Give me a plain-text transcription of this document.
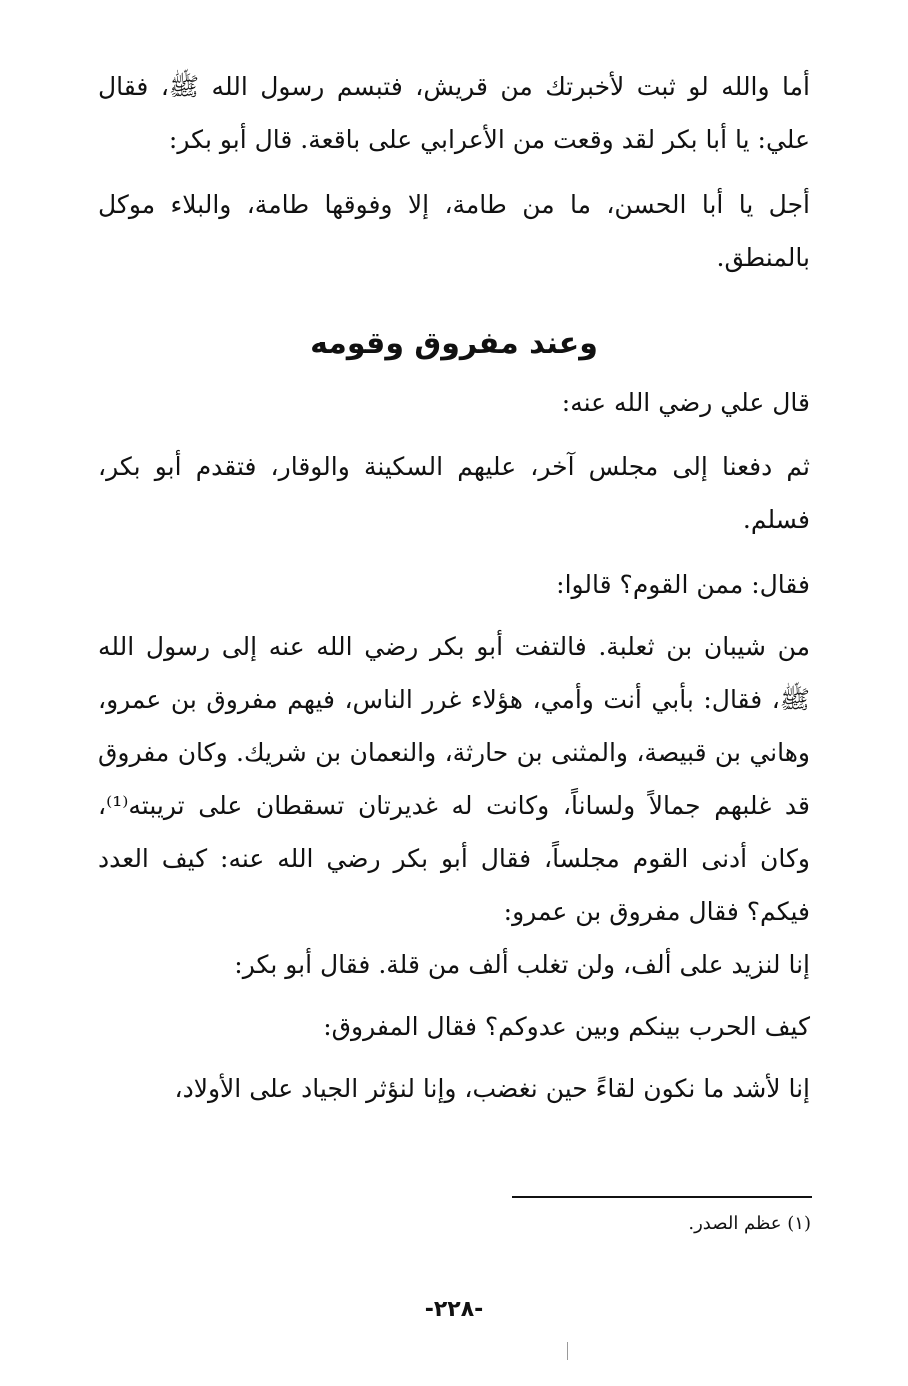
أما والله لو ثبت لأخبرتك من قريش، فتبسم رسول الله ﷺ، فقال علي: يا أبا بكر لقد وقعت من الأعرابي على باقعة. قال أبو بكر:
أجل يا أبا الحسن، ما من طامة، إلا وفوقها طامة، والبلاء موكل بالمنطق.
وعند مفروق وقومه
قال علي رضي الله عنه:
ثم دفعنا إلى مجلس آخر، عليهم السكينة والوقار، فتقدم أبو بكر، فسلم.
فقال: ممن القوم؟ قالوا:
من شيبان بن ثعلبة. فالتفت أبو بكر رضي الله عنه إلى رسول الله ﷺ، فقال: بأبي أنت وأمي، هؤلاء غرر الناس، فيهم مفروق بن عمرو، وهاني بن قبيصة، والمثنى بن حارثة، والنعمان بن شريك. وكان مفروق قد غلبهم جمالاً ولساناً، وكانت له غديرتان تسقطان على تريبته⁽¹⁾، وكان أدنى القوم مجلساً، فقال أبو بكر رضي الله عنه: كيف العدد فيكم؟ فقال مفروق بن عمرو:
إنا لنزيد على ألف، ولن تغلب ألف من قلة. فقال أبو بكر:
كيف الحرب بينكم وبين عدوكم؟ فقال المفروق:
إنا لأشد ما نكون لقاءً حين نغضب، وإنا لنؤثر الجياد على الأولاد،
(١) عظم الصدر.
-٢٢٨-
